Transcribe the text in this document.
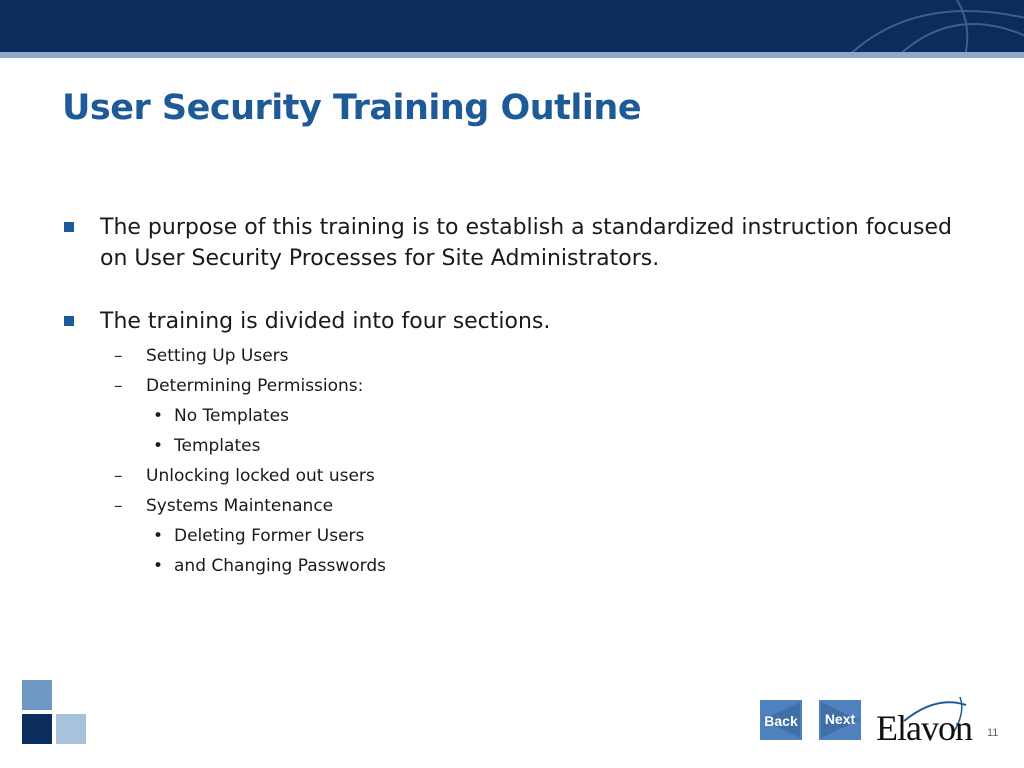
User Security Training Outline
The purpose of this training is to establish a standardized instruction focused on User Security Processes for Site Administrators.
The training is divided into four sections.
– Setting Up Users
– Determining Permissions:
• No Templates
• Templates
– Unlocking locked out users
– Systems Maintenance
• Deleting Former Users
• and Changing Passwords
Back	Next Elavon 11
